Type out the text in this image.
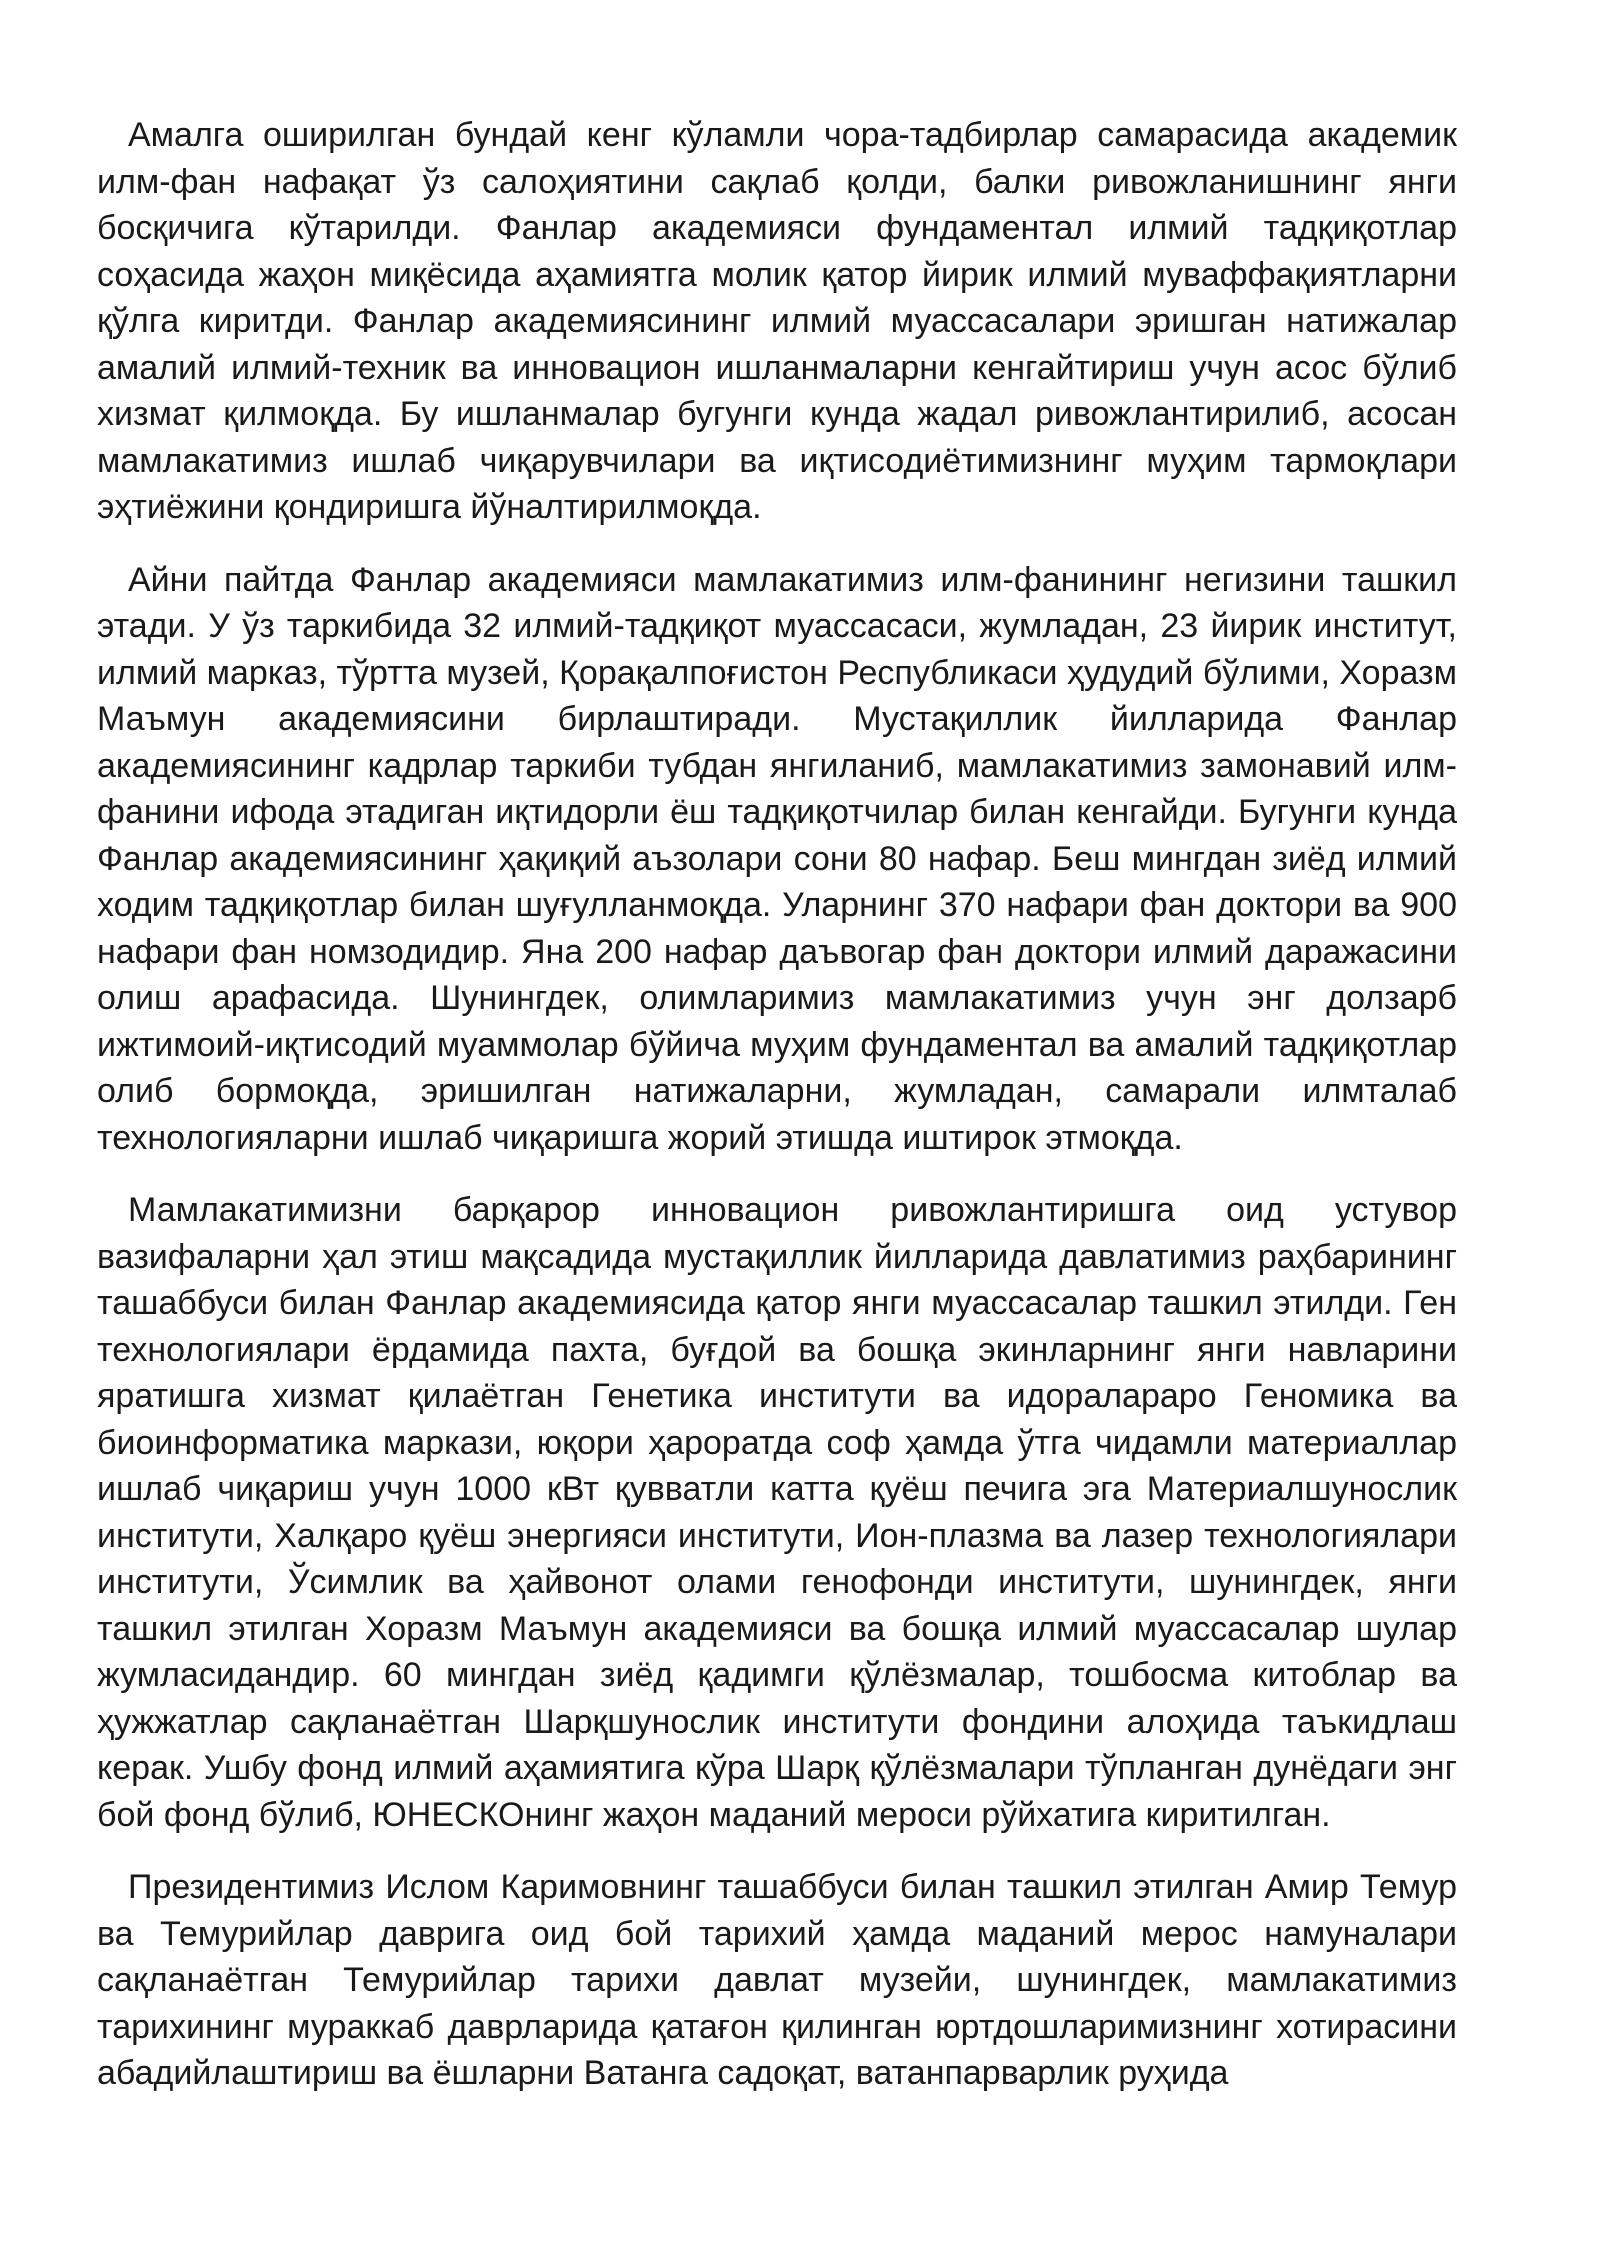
Амалга оширилган бундай кенг кўламли чора-тадбирлар самарасида академик илм-фан нафақат ўз салоҳиятини сақлаб қолди, балки ривожланишнинг янги босқичига кўтарилди. Фанлар академияси фундаментал илмий тадқиқотлар соҳасида жаҳон миқёсида аҳамиятга молик қатор йирик илмий муваффақиятларни қўлга киритди. Фанлар академиясининг илмий муассасалари эришган натижалар амалий илмий-техник ва инновацион ишланмаларни кенгайтириш учун асос бўлиб хизмат қилмоқда. Бу ишланмалар бугунги кунда жадал ривожлантирилиб, асосан мамлакатимиз ишлаб чиқарувчилари ва иқтисодиётимизнинг муҳим тармоқлари эҳтиёжини қондиришга йўналтирилмоқда.

Айни пайтда Фанлар академияси мамлакатимиз илм-фанининг негизини ташкил этади. У ўз таркибида 32 илмий-тадқиқот муассасаси, жумладан, 23 йирик институт, илмий марказ, тўртта музей, Қорақалпоғистон Республикаси ҳудудий бўлими, Хоразм Маъмун академиясини бирлаштиради. Мустақиллик йилларида Фанлар академиясининг кадрлар таркиби тубдан янгиланиб, мамлакатимиз замонавий илм-фанини ифода этадиган иқтидорли ёш тадқиқотчилар билан кенгайди. Бугунги кунда Фанлар академиясининг ҳақиқий аъзолари сони 80 нафар. Беш мингдан зиёд илмий ходим тадқиқотлар билан шуғулланмоқда. Уларнинг 370 нафари фан доктори ва 900 нафари фан номзодидир. Яна 200 нафар даъвогар фан доктори илмий даражасини олиш арафасида. Шунингдек, олимларимиз мамлакатимиз учун энг долзарб ижтимоий-иқтисодий муаммолар бўйича муҳим фундаментал ва амалий тадқиқотлар олиб бормоқда, эришилган натижаларни, жумладан, самарали илмталаб технологияларни ишлаб чиқаришга жорий этишда иштирок этмоқда.

Мамлакатимизни барқарор инновацион ривожлантиришга оид устувор вазифаларни ҳал этиш мақсадида мустақиллик йилларида давлатимиз раҳбарининг ташаббуси билан Фанлар академиясида қатор янги муассасалар ташкил этилди. Ген технологиялари ёрдамида пахта, буғдой ва бошқа экинларнинг янги навларини яратишга хизмат қилаётган Генетика институти ва идоралараро Геномика ва биоинформатика маркази, юқори ҳароратда соф ҳамда ўтга чидамли материаллар ишлаб чиқариш учун 1000 кВт қувватли катта қуёш печига эга Материалшунослик институти, Халқаро қуёш энергияси институти, Ион-плазма ва лазер технологиялари институти, Ўсимлик ва ҳайвонот олами генофонди институти, шунингдек, янги ташкил этилган Хоразм Маъмун академияси ва бошқа илмий муассасалар шулар жумласидандир. 60 мингдан зиёд қадимги қўлёзмалар, тошбосма китоблар ва ҳужжатлар сақланаётган Шарқшунослик институти фондини алоҳида таъкидлаш керак. Ушбу фонд илмий аҳамиятига кўра Шарқ қўлёзмалари тўпланган дунёдаги энг бой фонд бўлиб, ЮНЕСКОнинг жаҳон маданий мероси рўйхатига киритилган.

Президентимиз Ислом Каримовнинг ташаббуси билан ташкил этилган Амир Темур ва Темурийлар даврига оид бой тарихий ҳамда маданий мерос намуналари сақланаётган Темурийлар тарихи давлат музейи, шунингдек, мамлакатимиз тарихининг мураккаб даврларида қатағон қилинган юртдошларимизнинг хотирасини абадийлаштириш ва ёшларни Ватанга садоқат, ватанпарварлик руҳида
